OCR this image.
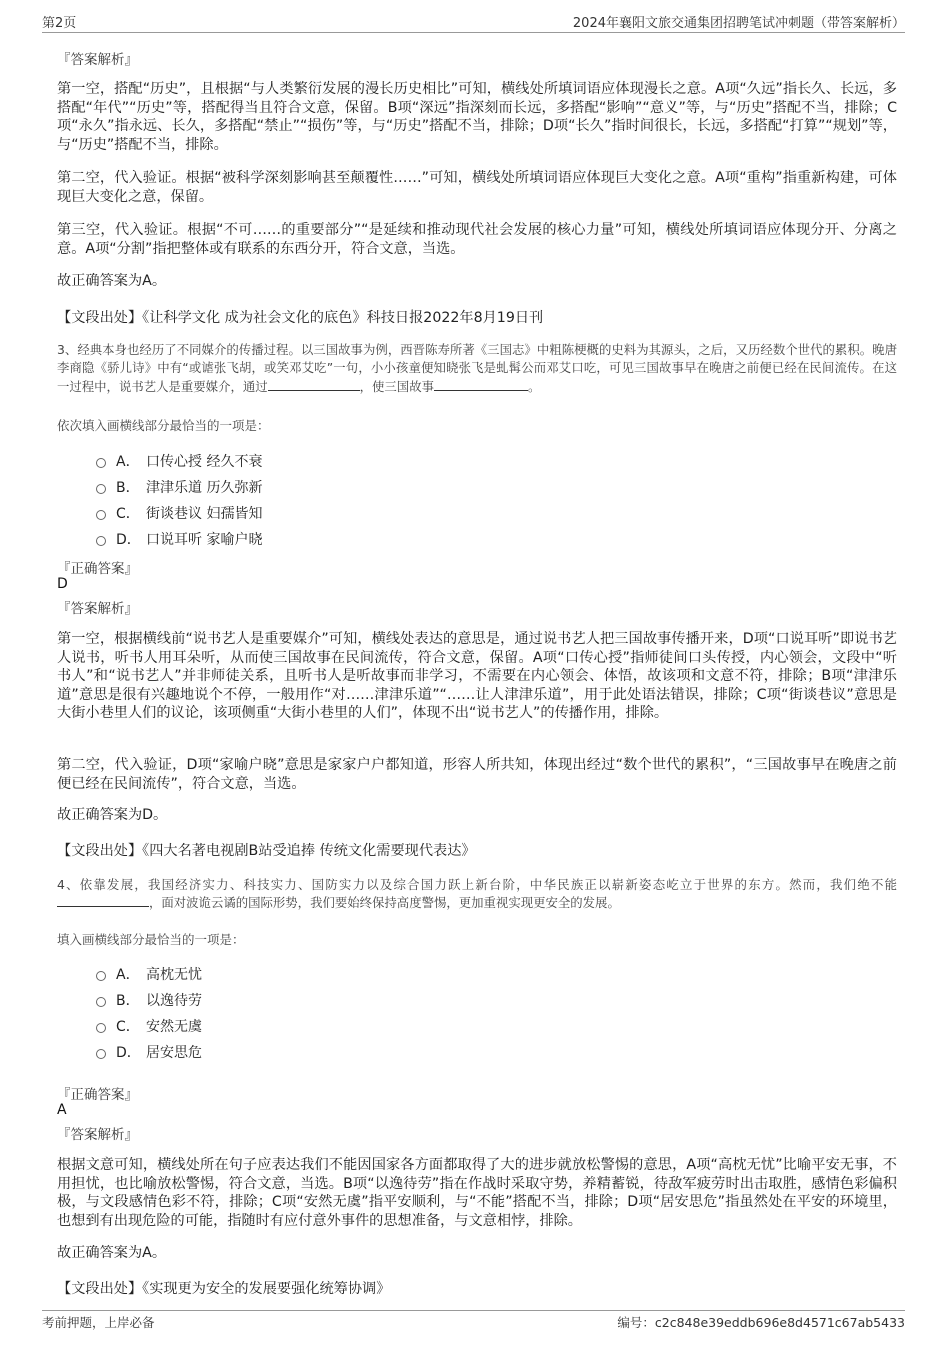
第2页	2024年襄阳文旅交通集团招聘笔试冲刺题（带答案解析）
『答案解析』
第一空，搭配“历史”，且根据“与人类繁衍发展的漫长历史相比”可知，横线处所填词语应体现漫长之意。A项“久远”指长久、长远，多搭配“年代”“历史”等，搭配得当且符合文意，保留。B项“深远”指深刻而长远，多搭配“影响”“意义”等，与“历史”搭配不当，排除；C项“永久”指永远、长久，多搭配“禁止”“损伤”等，与“历史”搭配不当，排除；D项“长久”指时间很长，长远，多搭配“打算”“规划”等，与“历史”搭配不当，排除。
第二空，代入验证。根据“被科学深刻影响甚至颠覆性……”可知，横线处所填词语应体现巨大变化之意。A项“重构”指重新构建，可体现巨大变化之意，保留。
第三空，代入验证。根据“不可……的重要部分”“是延续和推动现代社会发展的核心力量”可知，横线处所填词语应体现分开、分离之意。A项“分割”指把整体或有联系的东西分开，符合文意，当选。
故正确答案为A。
【文段出处】《让科学文化 成为社会文化的底色》科技日报2022年8月19日刊
3、经典本身也经历了不同媒介的传播过程。以三国故事为例，西晋陈寿所著《三国志》中粗陈梗概的史料为其源头，之后，又历经数个世代的累积。晚唐李商隐《骄儿诗》中有“或谑张飞胡，或笑邓艾吃”一句，小小孩童便知晓张飞是虬髯公而邓艾口吃，可见三国故事早在晚唐之前便已经在民间流传。在这一过程中，说书艺人是重要媒介，通过	，使三国故事	。
依次填入画横线部分最恰当的一项是：
A． 口传心授 经久不衰
B． 津津乐道 历久弥新
C． 街谈巷议 妇孺皆知
D． 口说耳听 家喻户晓
『正确答案』
D
『答案解析』
第一空，根据横线前“说书艺人是重要媒介”可知，横线处表达的意思是，通过说书艺人把三国故事传播开来，D项“口说耳听”即说书艺人说书，听书人用耳朵听，从而使三国故事在民间流传，符合文意，保留。A项“口传心授”指师徒间口头传授，内心领会，文段中“听书人”和“说书艺人”并非师徒关系，且听书人是听故事而非学习，不需要在内心领会、体悟，故该项和文意不符，排除；B项“津津乐道”意思是很有兴趣地说个不停，一般用作“对……津津乐道”“……让人津津乐道”，用于此处语法错误，排除；C项“街谈巷议”意思是大街小巷里人们的议论，该项侧重“大街小巷里的人们”，体现不出“说书艺人”的传播作用，排除。
第二空，代入验证，D项“家喻户晓”意思是家家户户都知道，形容人所共知，体现出经过“数个世代的累积”，“三国故事早在晚唐之前便已经在民间流传”，符合文意，当选。
故正确答案为D。
【文段出处】《四大名著电视剧B站受追捧 传统文化需要现代表达》
4、依靠发展，我国经济实力、科技实力、国防实力以及综合国力跃上新台阶，中华民族正以崭新姿态屹立于世界的东方。然而，我们绝不能，面对波诡云谲的国际形势，我们要始终保持高度警惕，更加重视实现更安全的发展。
填入画横线部分最恰当的一项是：
A． 高枕无忧
B． 以逸待劳
C． 安然无虞
D． 居安思危
『正确答案』
A
『答案解析』
根据文意可知，横线处所在句子应表达我们不能因国家各方面都取得了大的进步就放松警惕的意思，A项“高枕无忧”比喻平安无事，不用担忧，也比喻放松警惕，符合文意，当选。B项“以逸待劳”指在作战时采取守势，养精蓄锐，待敌军疲劳时出击取胜，感情色彩偏积极，与文段感情色彩不符，排除；C项“安然无虞”指平安顺利，与“不能”搭配不当，排除；D项“居安思危”指虽然处在平安的环境里，也想到有出现危险的可能，指随时有应付意外事件的思想准备，与文意相悖，排除。
故正确答案为A。
【文段出处】《实现更为安全的发展要强化统筹协调》
考前押题，上岸必备	编号：c2c848e39eddb696e8d4571c67ab5433
